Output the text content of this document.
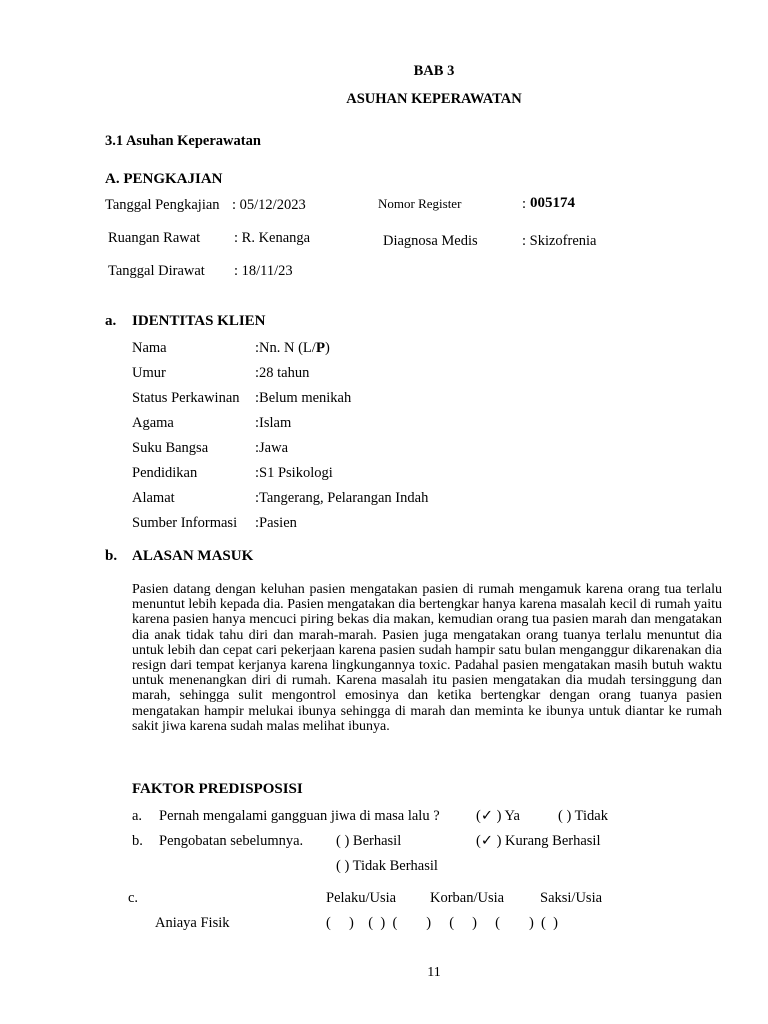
BAB 3
ASUHAN KEPERAWATAN
3.1 Asuhan Keperawatan
A. PENGKAJIAN
Tanggal Pengkajian : 05/12/2023	Nomor Register	: 005174
Ruangan Rawat : R. Kenanga	Diagnosa Medis	: Skizofrenia
Tanggal Dirawat : 18/11/23
a. IDENTITAS KLIEN
Nama	:Nn. N (L/P)
Umur	:28 tahun
Status Perkawinan :Belum menikah
Agama	:Islam
Suku Bangsa	:Jawa
Pendidikan	:S1 Psikologi
Alamat	:Tangerang, Pelarangan Indah
Sumber Informasi :Pasien
b. ALASAN MASUK
Pasien datang dengan keluhan pasien mengatakan pasien di rumah mengamuk karena orang tua terlalu menuntut lebih kepada dia. Pasien mengatakan dia bertengkar hanya karena masalah kecil di rumah yaitu karena pasien hanya mencuci piring bekas dia makan, kemudian orang tua pasien marah dan mengatakan dia anak tidak tahu diri dan marah-marah. Pasien juga mengatakan orang tuanya terlalu menuntut dia untuk lebih dan cepat cari pekerjaan karena pasien sudah hampir satu bulan menganggur dikarenakan dia resign dari tempat kerjanya karena lingkungannya toxic. Padahal pasien mengatakan masih butuh waktu untuk menenangkan diri di rumah. Karena masalah itu pasien mengatakan dia mudah tersinggung dan marah, sehingga sulit mengontrol emosinya dan ketika bertengkar dengan orang tuanya pasien mengatakan hampir melukai ibunya sehingga di marah dan meminta ke ibunya untuk diantar ke rumah sakit jiwa karena sudah malas melihat ibunya.
FAKTOR PREDISPOSISI
a. Pernah mengalami gangguan jiwa di masa lalu ?	(✓ ) Ya	( ) Tidak
b. Pengobatan sebelumnya. ( ) Berhasil	(✓ ) Kurang Berhasil
( ) Tidak Berhasil
c.	Pelaku/Usia Korban/Usia Saksi/Usia
Aniaya Fisik	(     )    (  )  (        )     (     )     (        )  (  )
11
